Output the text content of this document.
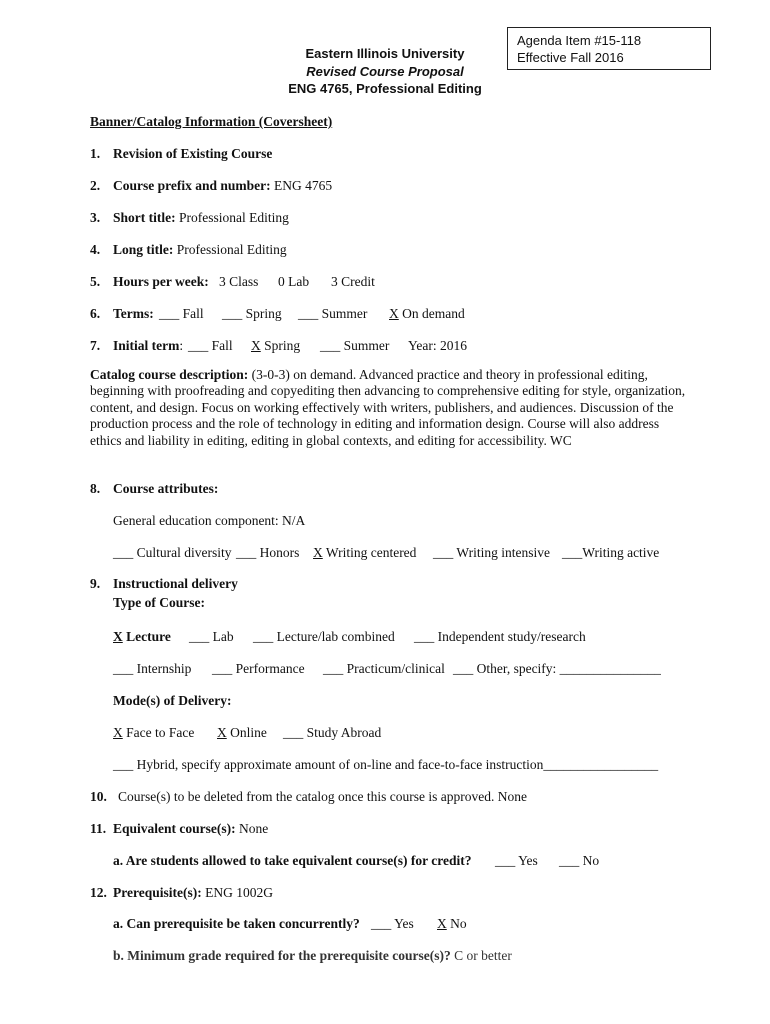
Agenda Item #15-118
Effective Fall 2016
Eastern Illinois University
Revised Course Proposal
ENG 4765, Professional Editing
Banner/Catalog Information (Coversheet)
1. Revision of Existing Course
2. Course prefix and number: ENG 4765
3. Short title: Professional Editing
4. Long title: Professional Editing
5. Hours per week: 3 Class 0 Lab 3 Credit
6. Terms: ___ Fall ___ Spring ___ Summer X On demand
7. Initial term: ___ Fall X Spring ___ Summer Year: 2016
Catalog course description: (3-0-3) on demand. Advanced practice and theory in professional editing, beginning with proofreading and copyediting then advancing to comprehensive editing for style, organization, content, and design. Focus on working effectively with writers, publishers, and audiences. Discussion of the production process and the role of technology in editing and information design. Course will also address ethics and liability in editing, editing in global contexts, and editing for accessibility. WC
8. Course attributes:
General education component: N/A
___ Cultural diversity ___ Honors X Writing centered ___ Writing intensive ___Writing active
9. Instructional delivery
Type of Course:
X Lecture ___ Lab ___ Lecture/lab combined ___ Independent study/research
___ Internship ___ Performance ___ Practicum/clinical ___ Other, specify: _______________
Mode(s) of Delivery:
X Face to Face X Online ___ Study Abroad
___ Hybrid, specify approximate amount of on-line and face-to-face instruction_________________
10. Course(s) to be deleted from the catalog once this course is approved. None
11. Equivalent course(s): None
a. Are students allowed to take equivalent course(s) for credit? ___ Yes ___ No
12. Prerequisite(s): ENG 1002G
a. Can prerequisite be taken concurrently? ___ Yes X No
b. Minimum grade required for the prerequisite course(s)? C or better
